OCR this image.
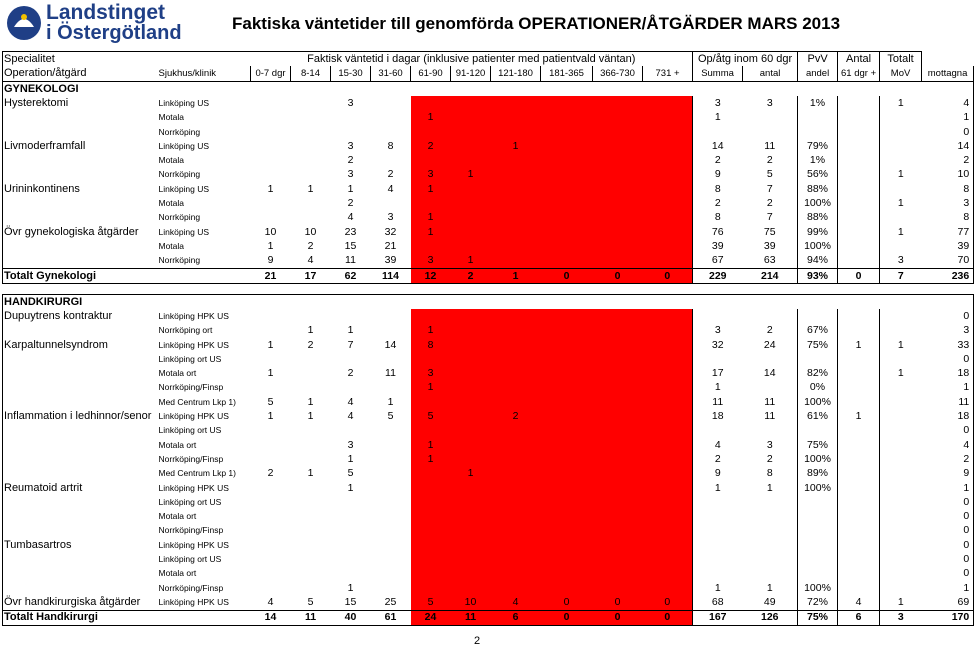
Landstinget
i Östergötland	Faktiska väntetider till genomförda OPERATIONER/ÅTGÄRDER MARS 2013
Specialitet		Faktisk väntetid i dagar (inklusive patienter med patientvald väntan)										Op/åtg inom 60 dgr		PvV	Antal	Totalt	
Operation/åtgärd	Sjukhus/klinik	0-7 dgr	8-14	15-30	31-60	61-90	91-120	121-180	181-365	366-730	731 +	Summa	antal	andel	61 dgr +	MoV	mottagna
GYNEKOLOGI																	
Hysterektomi	Linköping US			3								3	3	1%		1	4
	Motala					1						1					1
	Norrköping																0
Livmoderframfall	Linköping US			3	8	2		1				14	11	79%			14
	Motala			2								2	2	1%			2
	Norrköping			3	2	3	1					9	5	56%		1	10
Urininkontinens	Linköping US	1	1	1	4	1						8	7	88%			8
	Motala			2								2	2	100%		1	3
	Norrköping			4	3	1						8	7	88%			8
Övr gynekologiska åtgärder	Linköping US	10	10	23	32	1						76	75	99%		1	77
	Motala	1	2	15	21							39	39	100%			39
	Norrköping	9	4	11	39	3	1					67	63	94%		3	70
Totalt Gynekologi		21	17	62	114	12	2	1	0	0	0	229	214	93%	0	7	236
HANDKIRURGI																	
Dupuytrens kontraktur	Linköping HPK US																0
	Norrköping ort		1	1		1						3	2	67%			3
Karpaltunnelsyndrom	Linköping HPK US	1	2	7	14	8						32	24	75%	1	1	33
	Linköping ort US																0
	Motala ort	1		2	11	3						17	14	82%		1	18
	Norrköping/Finsp					1						1		0%			1
	Med Centrum Lkp 1)	5	1	4	1							11	11	100%			11
Inflammation i ledhinnor/senor	Linköping HPK US	1	1	4	5	5		2				18	11	61%	1		18
	Linköping ort US																0
	Motala ort			3		1						4	3	75%			4
	Norrköping/Finsp			1		1						2	2	100%			2
	Med Centrum Lkp 1)	2	1	5			1					9	8	89%			9
Reumatoid artrit	Linköping HPK US			1								1	1	100%			1
	Linköping ort US																0
	Motala ort																0
	Norrköping/Finsp																0
Tumbasartros	Linköping HPK US																0
	Linköping ort US																0
	Motala ort																0
	Norrköping/Finsp			1								1	1	100%			1
Övr handkirurgiska åtgärder	Linköping HPK US	4	5	15	25	5	10	4	0	0	0	68	49	72%	4	1	69
Totalt Handkirurgi		14	11	40	61	24	11	6	0	0	0	167	126	75%	6	3	170
2
